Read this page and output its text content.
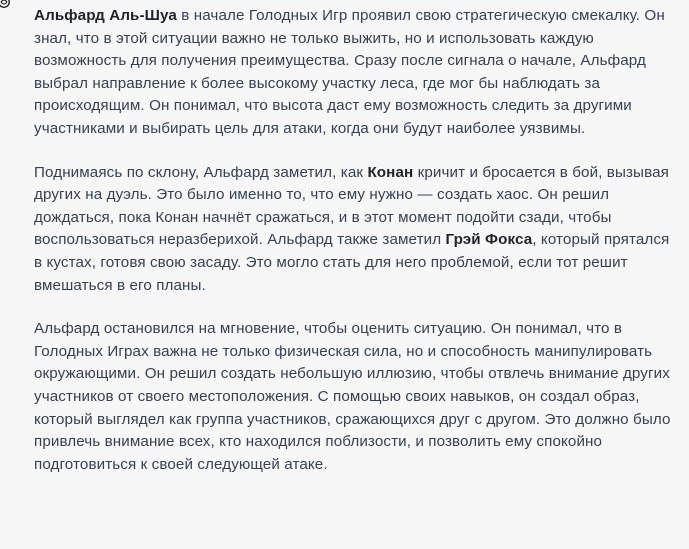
Альфард Аль-Шуа в начале Голодных Игр проявил свою стратегическую смекалку. Он знал, что в этой ситуации важно не только выжить, но и использовать каждую возможность для получения преимущества. Сразу после сигнала о начале, Альфард выбрал направление к более высокому участку леса, где мог бы наблюдать за происходящим. Он понимал, что высота даст ему возможность следить за другими участниками и выбирать цель для атаки, когда они будут наиболее уязвимы.

Поднимаясь по склону, Альфард заметил, как Конан кричит и бросается в бой, вызывая других на дуэль. Это было именно то, что ему нужно — создать хаос. Он решил дождаться, пока Конан начнёт сражаться, и в этот момент подойти сзади, чтобы воспользоваться неразберихой. Альфард также заметил Грэй Фокса, который прятался в кустах, готовя свою засаду. Это могло стать для него проблемой, если тот решит вмешаться в его планы.

Альфард остановился на мгновение, чтобы оценить ситуацию. Он понимал, что в Голодных Играх важна не только физическая сила, но и способность манипулировать окружающими. Он решил создать небольшую иллюзию, чтобы отвлечь внимание других участников от своего местоположения. С помощью своих навыков, он создал образ, который выглядел как группа участников, сражающихся друг с другом. Это должно было привлечь внимание всех, кто находился поблизости, и позволить ему спокойно подготовиться к своей следующей атаке.
